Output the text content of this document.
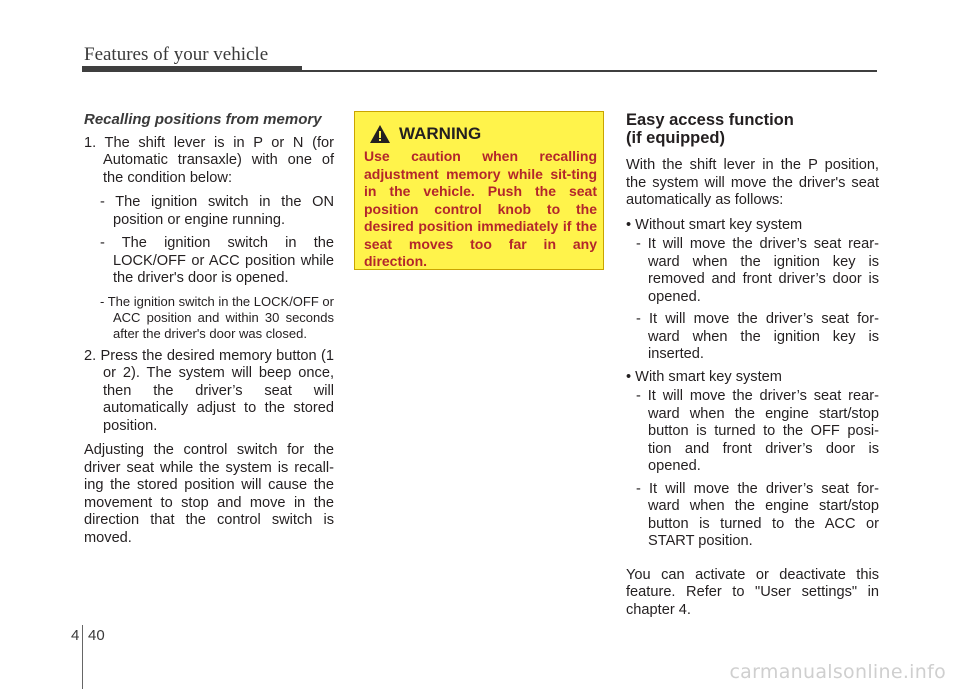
Features of your vehicle
Recalling positions from memory
1. The shift lever is in P or N (for Automatic transaxle) with one of the condition below:
- The ignition switch in the ON position or engine running.
- The ignition switch in the LOCK/OFF or ACC position while the driver's door is opened.
- The ignition switch in the LOCK/OFF or ACC position and within 30 seconds after the driver's door was closed.
2. Press the desired memory button (1 or 2). The system will beep once, then the driver’s seat will automatically adjust to the stored position.

Adjusting the control switch for the driver seat while the system is recall-ing the stored position will cause the movement to stop and move in the direction that the control switch is moved.

WARNING
Use caution when recalling adjustment memory while sit-ting in the vehicle. Push the seat position control knob to the desired position immediately if the seat moves too far in any direction.
Easy access function
(if equipped)

With the shift lever in the P position, the system will move the driver's seat automatically as follows:

• Without smart key system
- It will move the driver’s seat rear-ward when the ignition key is removed and front driver’s door is opened.
- It will move the driver’s seat for-ward when the ignition key is inserted.
• With smart key system
- It will move the driver’s seat rear-ward when the engine start/stop button is turned to the OFF posi-tion and front driver’s door is opened.
- It will move the driver’s seat for-ward when the engine start/stop button is turned to the ACC or START position.

You can activate or deactivate this feature. Refer to "User settings" in chapter 4.

4 40
carmanualsonline.info
